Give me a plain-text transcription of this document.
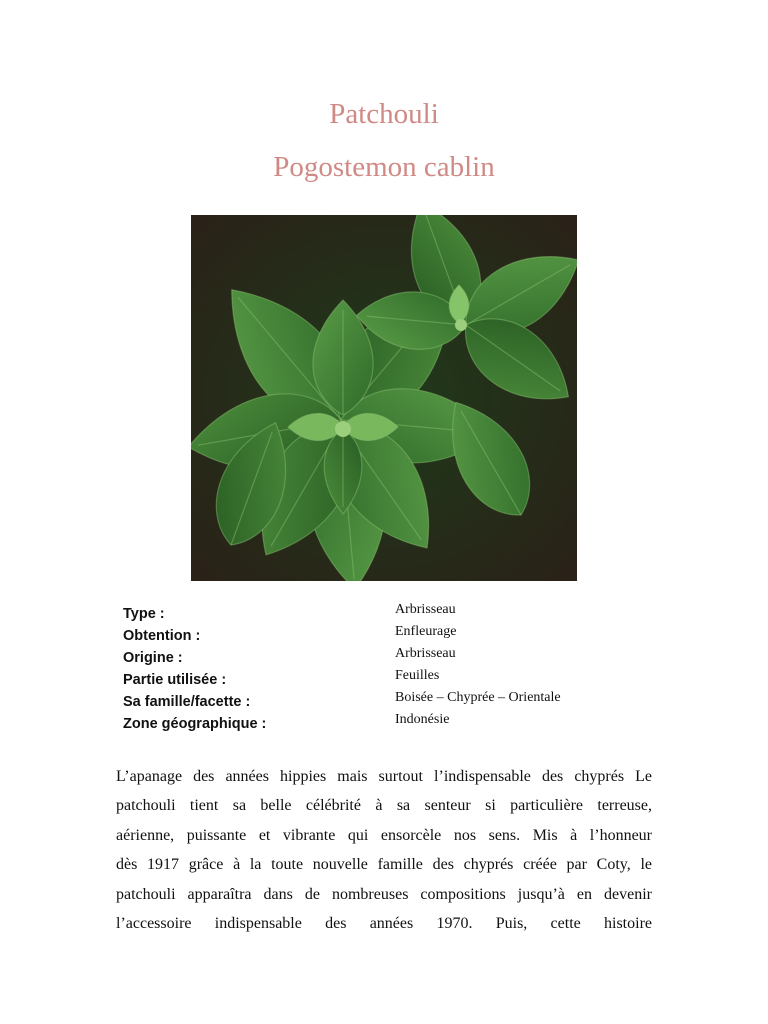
Patchouli
Pogostemon cablin
Type :	Arbrisseau
Obtention :	Enfleurage
Origine :	Arbrisseau
Partie utilisée :	Feuilles
Sa famille/facette :	Boisée – Chyprée – Orientale
Zone géographique :	Indonésie
L’apanage des années hippies mais surtout l’indispensable des chyprés Le
patchouli tient sa belle célébrité à sa senteur si particulière terreuse,
aérienne, puissante et vibrante qui ensorcèle nos sens. Mis à l’honneur
dès 1917 grâce à la toute nouvelle famille des chyprés créée par Coty, le
patchouli apparaîtra dans de nombreuses compositions jusqu’à en devenir
l’accessoire indispensable des années 1970. Puis, cette histoire
